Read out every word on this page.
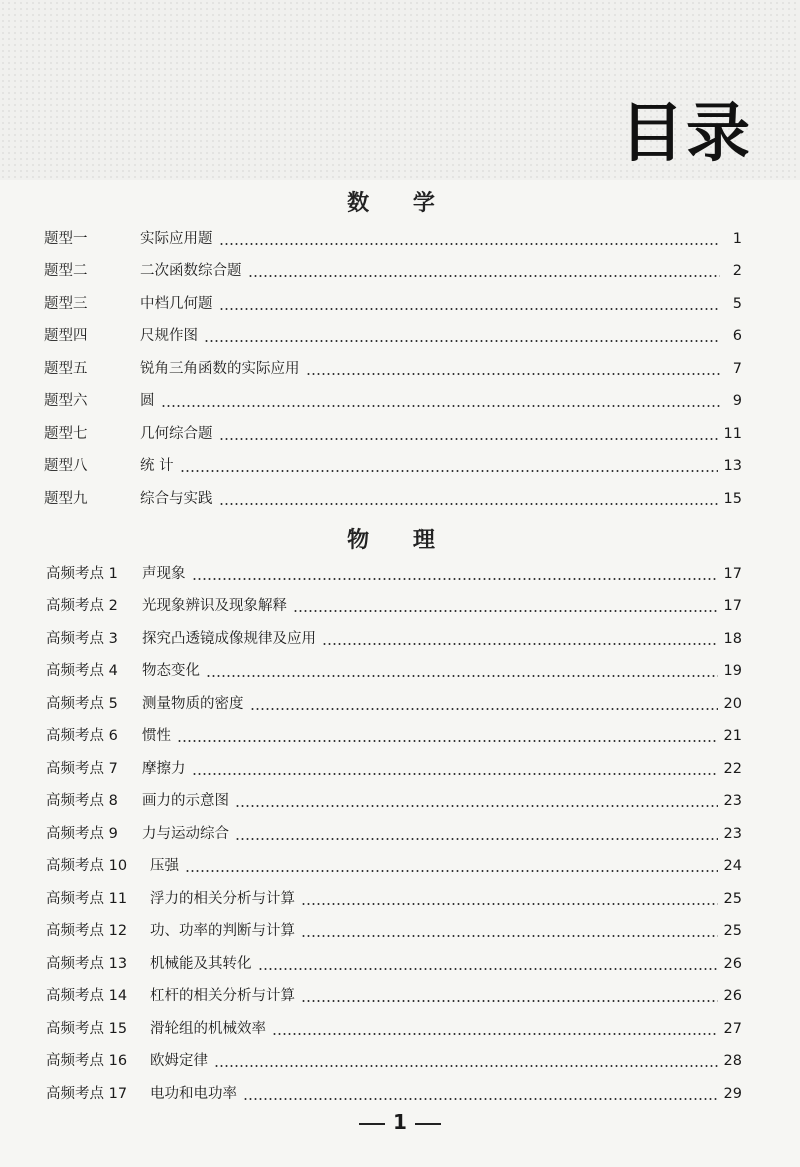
目录
数 学
题型一	实际应用题	1
题型二	二次函数综合题	2
题型三	中档几何题	5
题型四	尺规作图	6
题型五	锐角三角函数的实际应用	7
题型六	圆	9
题型七	几何综合题	11
题型八	统 计	13
题型九	综合与实践	15
物 理
高频考点 1	声现象	17
高频考点 2	光现象辨识及现象解释	17
高频考点 3	探究凸透镜成像规律及应用	18
高频考点 4	物态变化	19
高频考点 5	测量物质的密度	20
高频考点 6	惯性	21
高频考点 7	摩擦力	22
高频考点 8	画力的示意图	23
高频考点 9	力与运动综合	23
高频考点 10	压强	24
高频考点 11	浮力的相关分析与计算	25
高频考点 12	功、功率的判断与计算	25
高频考点 13	机械能及其转化	26
高频考点 14	杠杆的相关分析与计算	26
高频考点 15	滑轮组的机械效率	27
高频考点 16	欧姆定律	28
高频考点 17	电功和电功率	29
1
